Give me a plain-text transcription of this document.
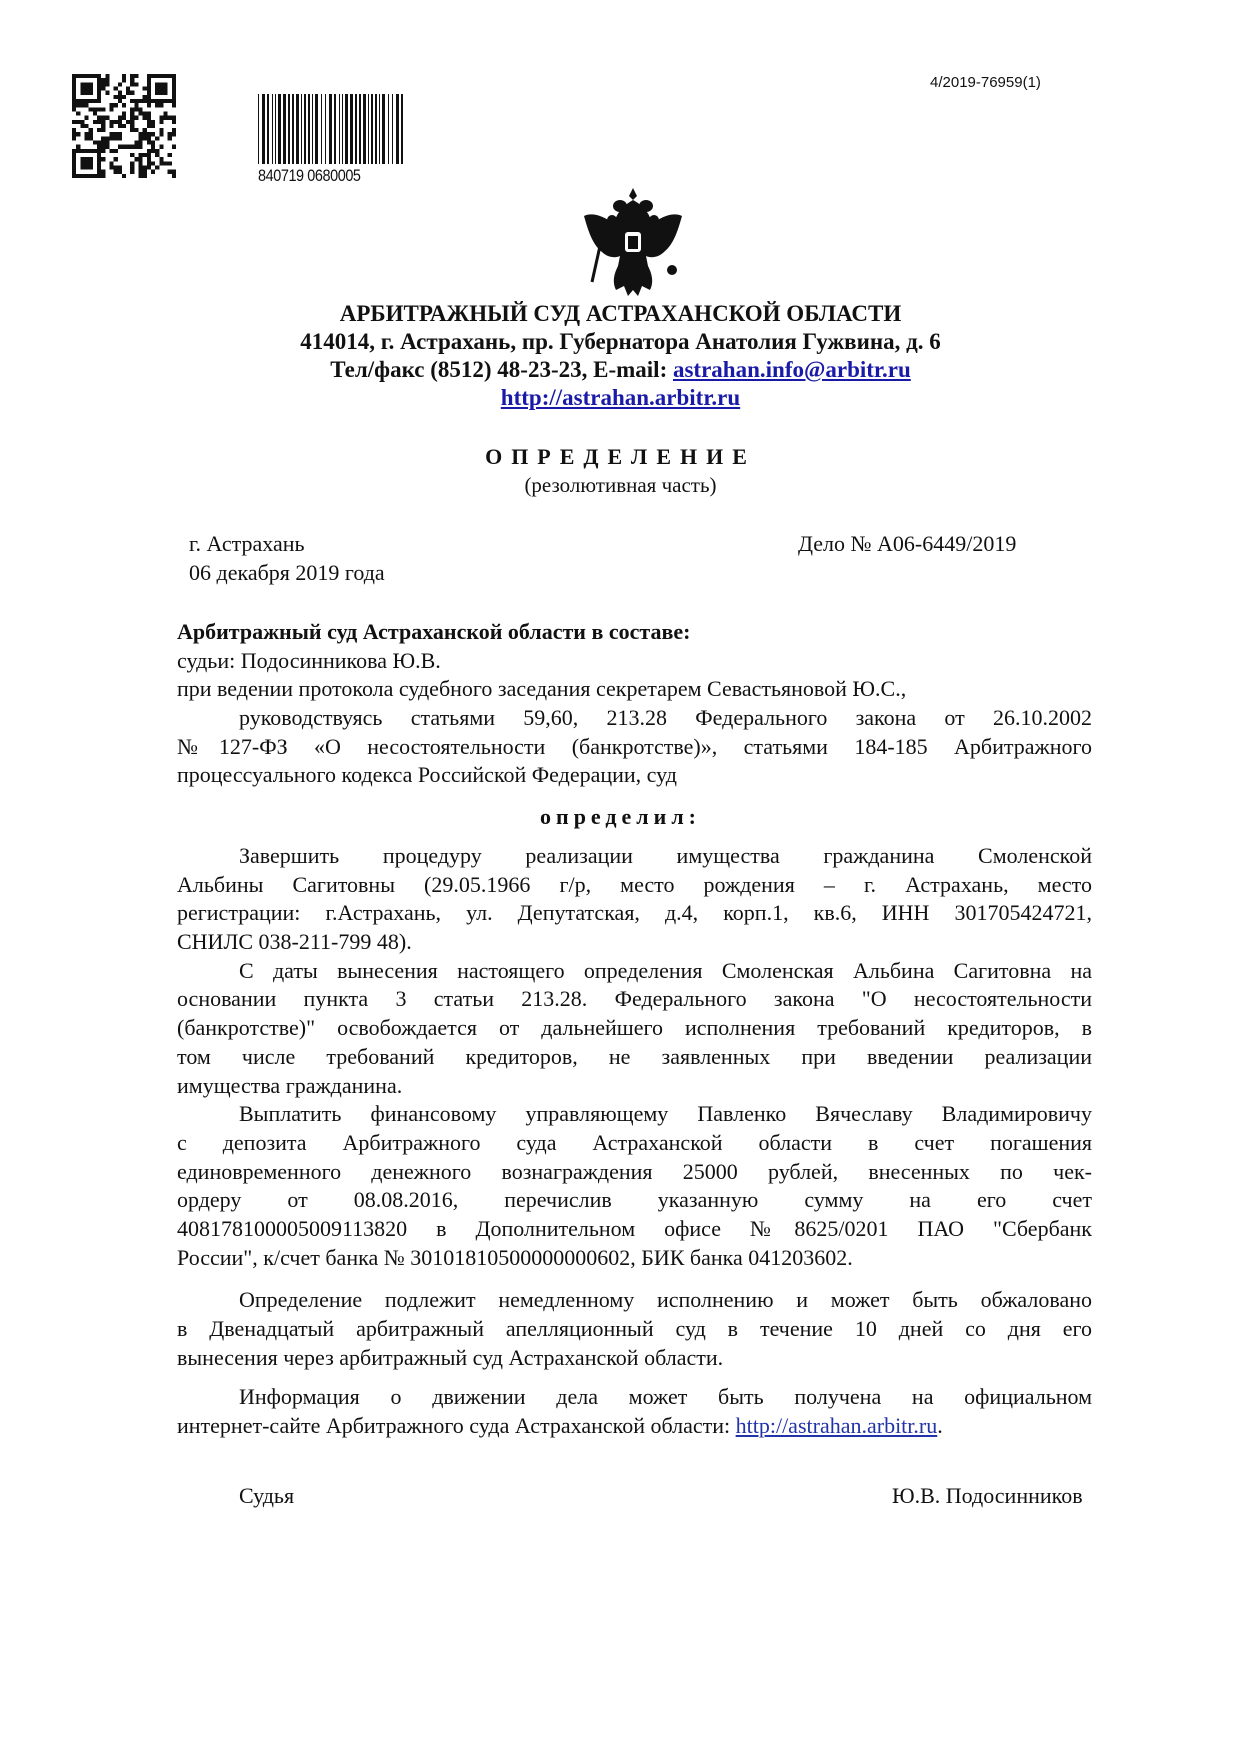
4/2019-76959(1)
840719 0680005
АРБИТРАЖНЫЙ СУД АСТРАХАНСКОЙ ОБЛАСТИ
414014, г. Астрахань, пр. Губернатора Анатолия Гужвина, д. 6
Тел/факс (8512) 48-23-23, E-mail: astrahan.info@arbitr.ru
http://astrahan.arbitr.ru
ОПРЕДЕЛЕНИЕ
(резолютивная часть)
г. Астрахань
06 декабря 2019 года
Дело № А06-6449/2019
Арбитражный суд Астраханской области в составе:
судьи: Подосинникова Ю.В.
при ведении протокола судебного заседания секретарем Севастьяновой Ю.С.,
руководствуясь статьями 59,60, 213.28 Федерального закона от 26.10.2002
№127-ФЗ «О несостоятельности (банкротстве)», статьями 184-185 Арбитражного
процессуального кодекса Российской Федерации, суд
определил:
Завершить процедуру реализации имущества гражданина Смоленской
Альбины Сагитовны (29.05.1966 г/р, место рождения – г. Астрахань, место
регистрации: г.Астрахань, ул. Депутатская, д.4, корп.1, кв.6, ИНН 301705424721,
СНИЛС 038-211-799 48).
С даты вынесения настоящего определения Смоленская Альбина Сагитовна на
основании пункта 3 статьи 213.28. Федерального закона "О несостоятельности
(банкротстве)" освобождается от дальнейшего исполнения требований кредиторов, в
том числе требований кредиторов, не заявленных при введении реализации
имущества гражданина.
Выплатить финансовому управляющему Павленко Вячеславу Владимировичу
с депозита Арбитражного суда Астраханской области в счет погашения
единовременного денежного вознаграждения 25000 рублей, внесенных по чек-
ордеру от 08.08.2016, перечислив указанную сумму на его счет
40817810000500911382​0 в Дополнительном офисе №8625/0201 ПАО "Сбербанк
России", к/счет банка № 30101810500000000602, БИК банка 041203602.
Определение подлежит немедленному исполнению и может быть обжаловано
в Двенадцатый арбитражный апелляционный суд в течение 10 дней со дня его
вынесения через арбитражный суд Астраханской области.
Информация о движении дела может быть получена на официальном
интернет-сайте Арбитражного суда Астраханской области: http://astrahan.arbitr.ru.
Судья	Ю.В. Подосинников
